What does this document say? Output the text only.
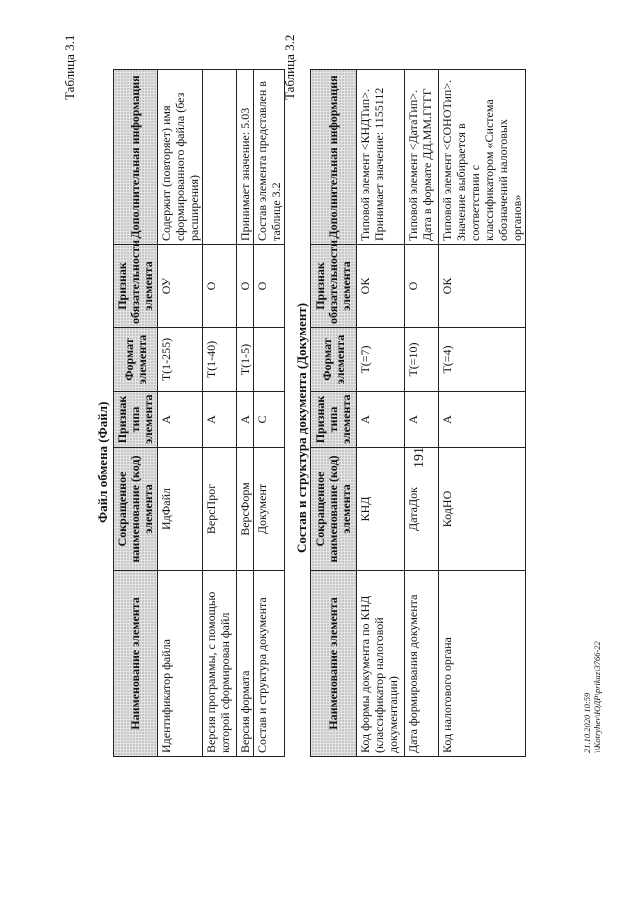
191
Таблица 3.1
Файл обмена (Файл)
Наименование элемента	Сокращенное наименование (код) элемента	Признак типа элемента	Формат элемента	Признак обязательности элемента	Дополнительная информация
Идентификатор файла	ИдФайл	А	Т(1-255)	ОУ	Содержит (повторяет) имя сформированного файла (без расширения)
Версия программы, с помощью которой сформирован файл	ВерсПрог	А	Т(1-40)	О	
Версия формата	ВерсФорм	А	Т(1-5)	О	Принимает значение: 5.03
Состав и структура документа	Документ	С		О	Состав элемента представлен в таблице 3.2
Таблица 3.2
Состав и структура документа (Документ)
Наименование элемента	Сокращенное наименование (код) элемента	Признак типа элемента	Формат элемента	Признак обязательности элемента	Дополнительная информация
Код формы документа по КНД (классификатор налоговой документации)	КНД	А	Т(=7)	ОК	Типовой элемент <КНДТип>. Принимает значение: 1155112
Дата формирования документа	ДатаДок	А	Т(=10)	О	Типовой элемент <ДатаТип>. Дата в формате ДД.ММ.ГГГГ
Код налогового органа	КодНО	А	Т(=4)	ОК	Типовой элемент <СОНОТип>. Значение выбирается в соответствии с классификатором «Система обозначений налоговых органов»
21.10.2020 10:59 \\Kotryhev\ЮДР\prikaz\3766-22
